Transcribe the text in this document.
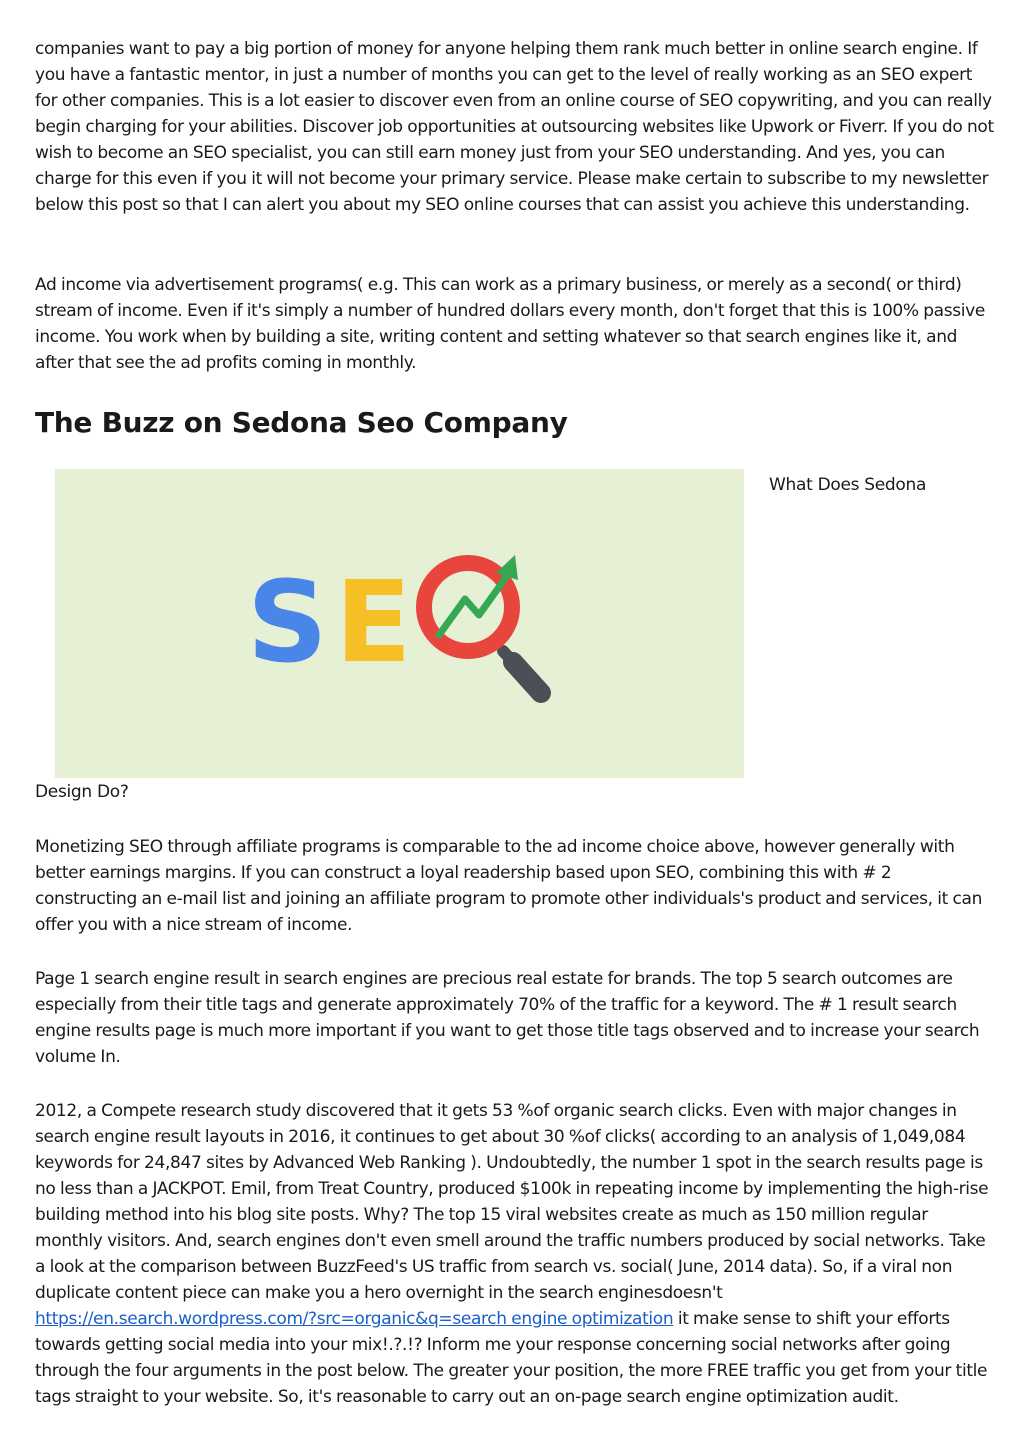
companies want to pay a big portion of money for anyone helping them rank much better in online search engine. If you have a fantastic mentor, in just a number of months you can get to the level of really working as an SEO expert for other companies. This is a lot easier to discover even from an online course of SEO copywriting, and you can really begin charging for your abilities. Discover job opportunities at outsourcing websites like Upwork or Fiverr. If you do not wish to become an SEO specialist, you can still earn money just from your SEO understanding. And yes, you can charge for this even if you it will not become your primary service. Please make certain to subscribe to my newsletter below this post so that I can alert you about my SEO online courses that can assist you achieve this understanding.

Ad income via advertisement programs( e.g. This can work as a primary business, or merely as a second( or third) stream of income. Even if it's simply a number of hundred dollars every month, don't forget that this is 100% passive income. You work when by building a site, writing content and setting whatever so that search engines like it, and after that see the ad profits coming in monthly.

The Buzz on Sedona Seo Company
S E

What Does Sedona

Design Do?

Monetizing SEO through affiliate programs is comparable to the ad income choice above, however generally with better earnings margins. If you can construct a loyal readership based upon SEO, combining this with # 2 constructing an e-mail list and joining an affiliate program to promote other individuals's product and services, it can offer you with a nice stream of income.

Page 1 search engine result in search engines are precious real estate for brands. The top 5 search outcomes are especially from their title tags and generate approximately 70% of the traffic for a keyword. The # 1 result search engine results page is much more important if you want to get those title tags observed and to increase your search volume In.

2012, a Compete research study discovered that it gets 53 %of organic search clicks. Even with major changes in search engine result layouts in 2016, it continues to get about 30 %of clicks( according to an analysis of 1,049,084 keywords for 24,847 sites by Advanced Web Ranking ). Undoubtedly, the number 1 spot in the search results page is no less than a JACKPOT. Emil, from Treat Country, produced $100k in repeating income by implementing the high-rise building method into his blog site posts. Why? The top 15 viral websites create as much as 150 million regular monthly visitors. And, search engines don't even smell around the traffic numbers produced by social networks. Take a look at the comparison between BuzzFeed's US traffic from search vs. social( June, 2014 data). So, if a viral non duplicate content piece can make you a hero overnight in the search enginesdoesn't https://en.search.wordpress.com/?src=organic&q=search engine optimization it make sense to shift your efforts towards getting social media into your mix!.?.!? Inform me your response concerning social networks after going through the four arguments in the post below. The greater your position, the more FREE traffic you get from your title tags straight to your website. So, it's reasonable to carry out an on-page search engine optimization audit.
